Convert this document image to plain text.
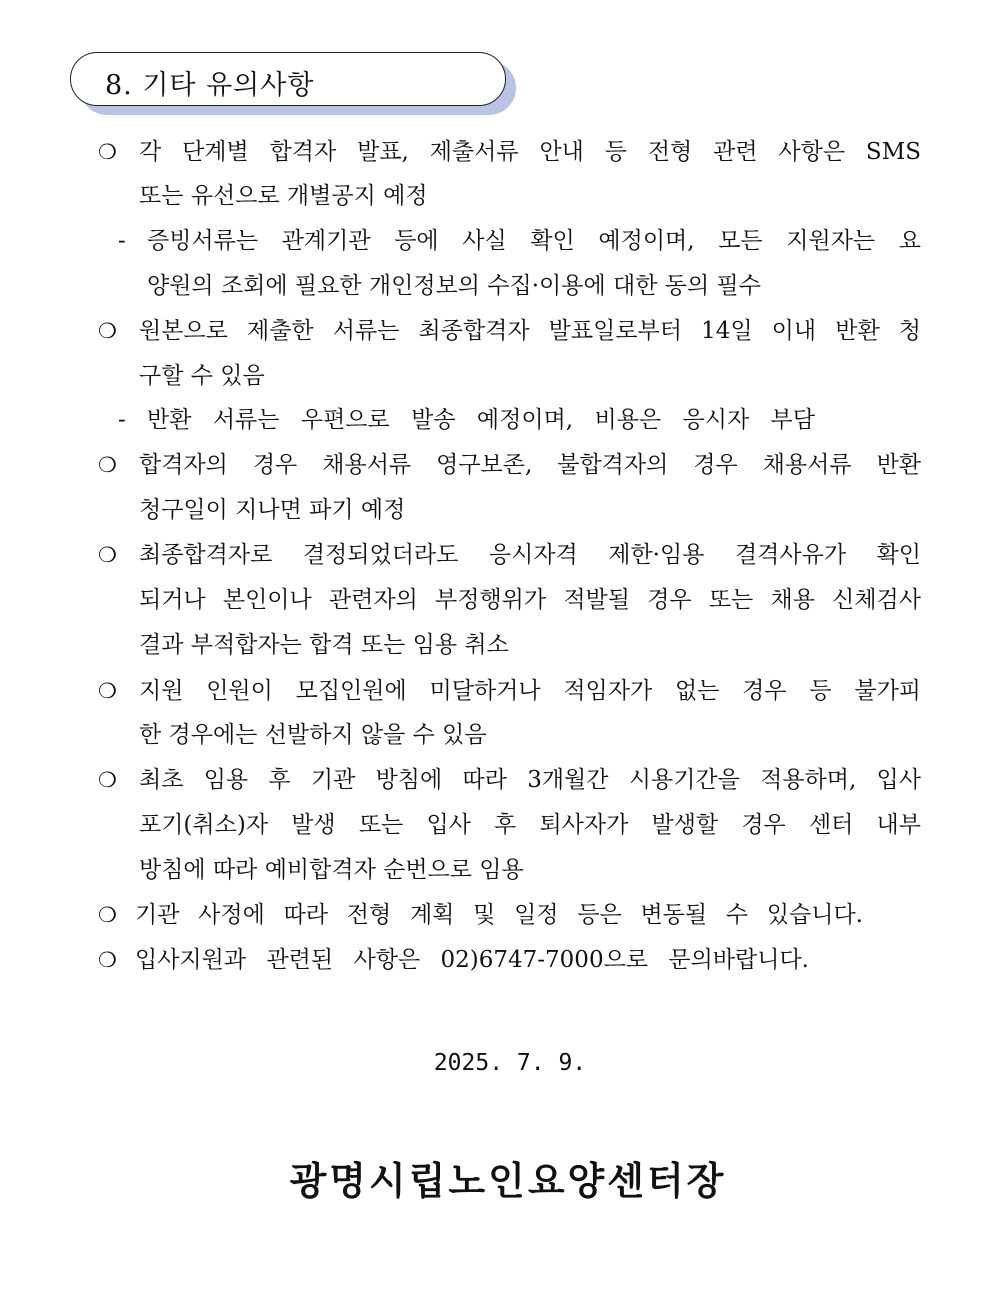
8. 기타 유의사항
❍ 각 단계별 합격자 발표, 제출서류 안내 등 전형 관련 사항은 SMS
또는 유선으로 개별공지 예정
- 증빙서류는 관계기관 등에 사실 확인 예정이며, 모든 지원자는 요
양원의 조회에 필요한 개인정보의 수집·이용에 대한 동의 필수
❍ 원본으로 제출한 서류는 최종합격자 발표일로부터 14일 이내 반환 청
구할 수 있음
- 반환 서류는 우편으로 발송 예정이며, 비용은 응시자 부담
❍ 합격자의 경우 채용서류 영구보존, 불합격자의 경우 채용서류 반환
청구일이 지나면 파기 예정
❍ 최종합격자로 결정되었더라도 응시자격 제한·임용 결격사유가 확인
되거나 본인이나 관련자의 부정행위가 적발될 경우 또는 채용 신체검사
결과 부적합자는 합격 또는 임용 취소
❍ 지원 인원이 모집인원에 미달하거나 적임자가 없는 경우 등 불가피
한 경우에는 선발하지 않을 수 있음
❍ 최초 임용 후 기관 방침에 따라 3개월간 시용기간을 적용하며, 입사
포기(취소)자 발생 또는 입사 후 퇴사자가 발생할 경우 센터 내부
방침에 따라 예비합격자 순번으로 임용
❍ 기관 사정에 따라 전형 계획 및 일정 등은 변동될 수 있습니다.
❍ 입사지원과 관련된 사항은 02)6747-7000으로 문의바랍니다.
2025. 7. 9.
광명시립노인요양센터장
